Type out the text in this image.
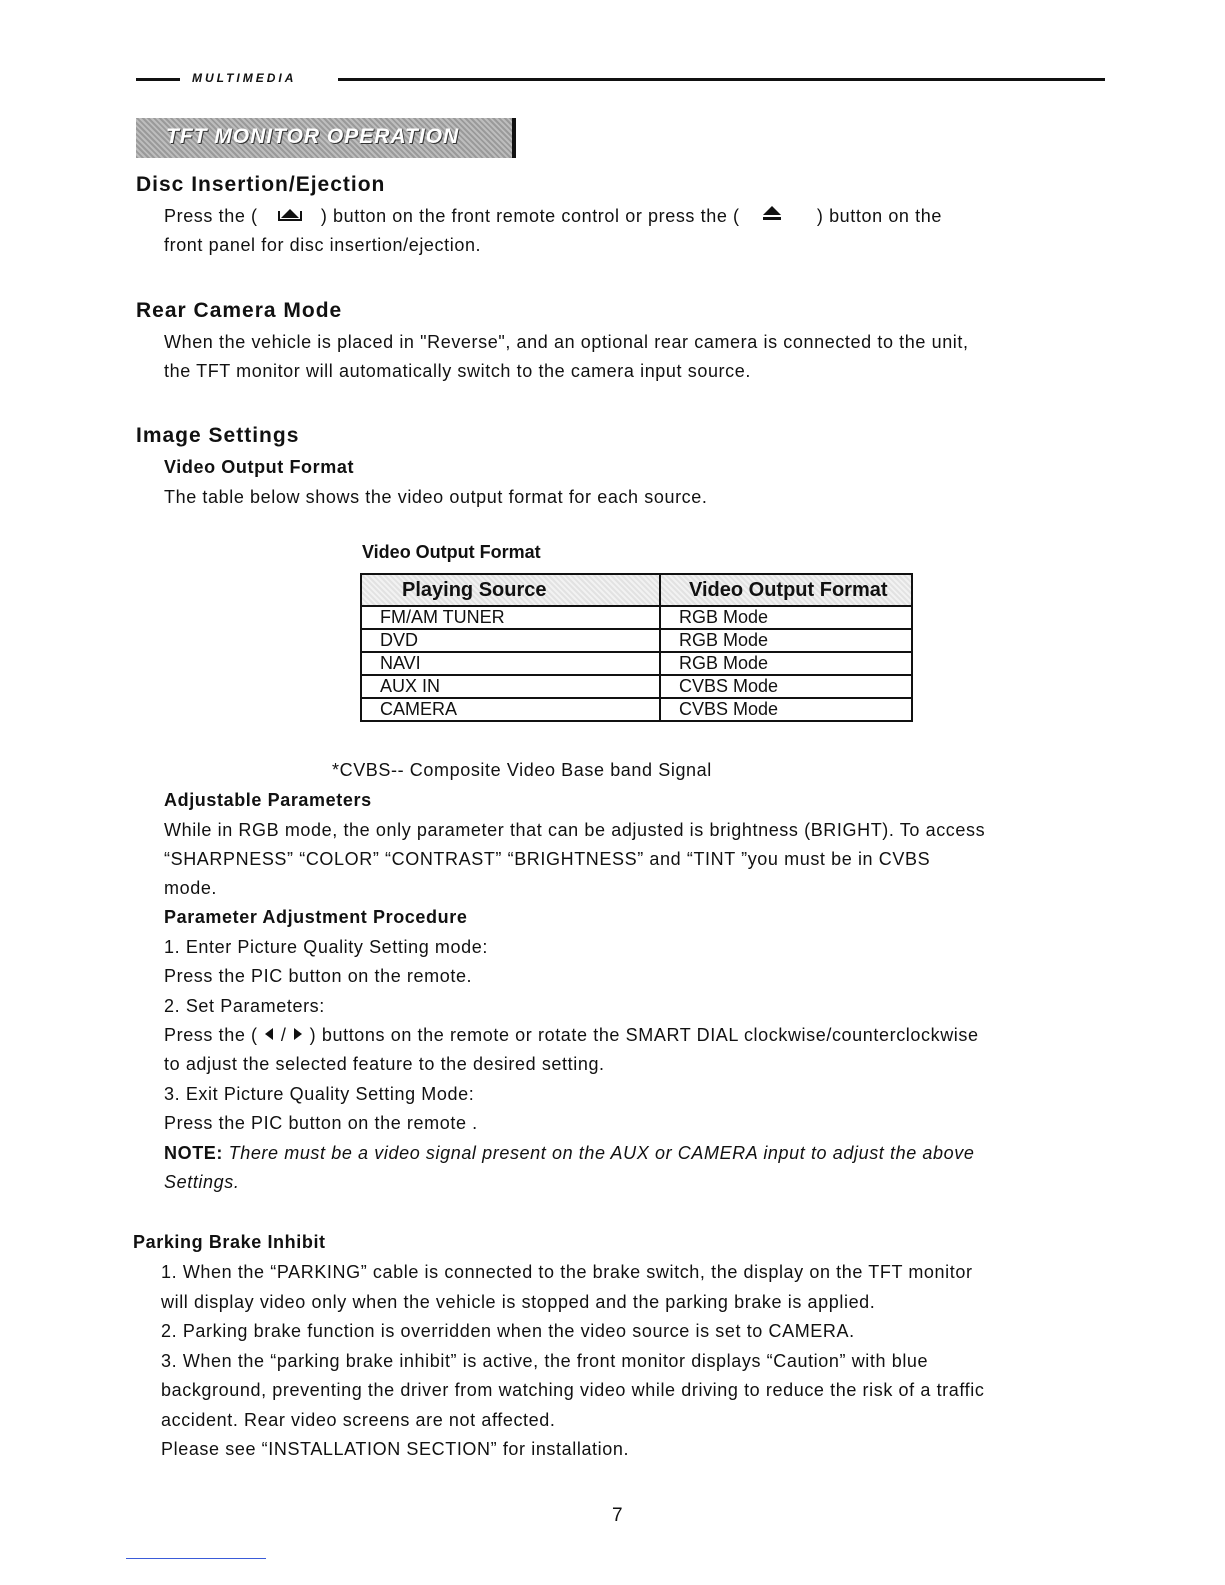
MULTIMEDIA
TFT MONITOR OPERATION
Disc Insertion/Ejection
Press the (	) button on the front remote control or press the (	) button on the
front panel for disc insertion/ejection.
Rear Camera Mode
When the vehicle is placed in "Reverse", and an optional rear camera is connected to the unit,
the TFT monitor will automatically switch to the camera input source.
Image Settings
Video Output Format
The table below shows the video output format for each source.
Video Output Format
Playing Source	Video Output Format
FM/AM TUNER	RGB Mode
DVD	RGB Mode
NAVI	RGB Mode
AUX IN	CVBS Mode
CAMERA	CVBS Mode
*CVBS-- Composite Video Base band Signal
Adjustable Parameters
While in RGB mode, the only parameter that can be adjusted is brightness (BRIGHT). To access
“SHARPNESS” “COLOR” “CONTRAST” “BRIGHTNESS” and “TINT ”you must be in CVBS
mode.
Parameter Adjustment Procedure
1. Enter Picture Quality Setting mode:
Press the PIC button on the remote.
2. Set Parameters:
Press the (  /  ) buttons on the remote or rotate the SMART DIAL clockwise/counterclockwise
to adjust the selected feature to the desired setting.
3. Exit Picture Quality Setting Mode:
Press the PIC button on the remote .
NOTE: There must be a video signal present on the AUX or CAMERA input to adjust the above
Settings.
Parking Brake Inhibit
1. When the “PARKING” cable is connected to the brake switch, the display on the TFT monitor
will display video only when the vehicle is stopped and the parking brake is applied.
2. Parking brake function is overridden when the video source is set to CAMERA.
3. When the “parking brake inhibit” is active, the front monitor displays “Caution” with blue
background, preventing the driver from watching video while driving to reduce the risk of a traffic
accident. Rear video screens are not affected.
Please see “INSTALLATION SECTION” for installation.
7
